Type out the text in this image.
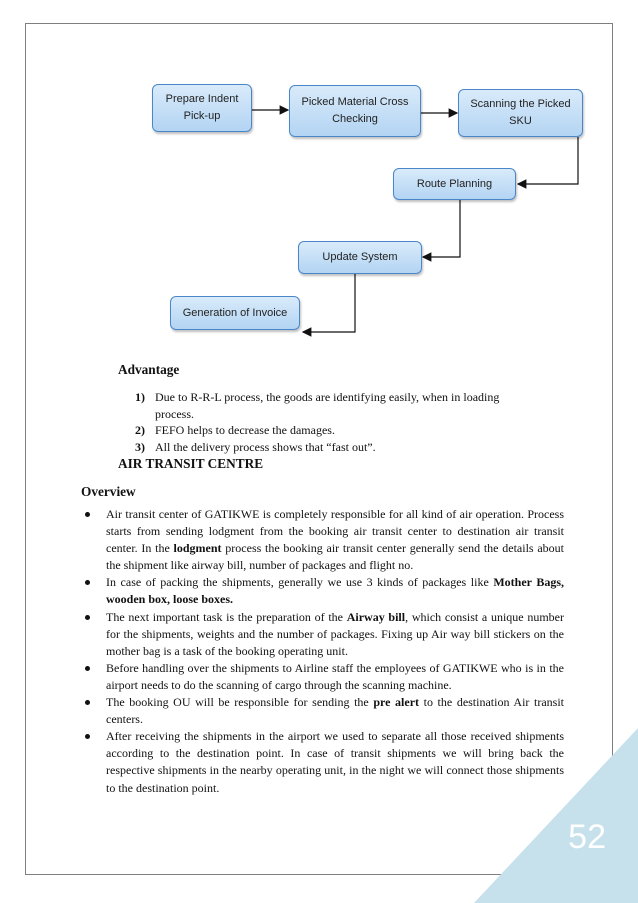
52
Prepare Indent
Pick-up
Picked Material Cross
Checking
Scanning the Picked
SKU
Route Planning
Update System
Generation of Invoice
Advantage
1) Due to R-R-L process, the goods are identifying easily, when in loading process.
2) FEFO helps to decrease the damages.
3) All the delivery process shows that “fast out”.
AIR TRANSIT CENTRE
Overview
Air transit center of GATIKWE is completely responsible for all kind of air operation. Process starts from sending lodgment from the booking air transit center to destination air transit center. In the lodgment process the booking air transit center generally send the details about the shipment like airway bill, number of packages and flight no.
In case of packing the shipments, generally we use 3 kinds of packages like Mother Bags, wooden box, loose boxes.
The next important task is the preparation of the Airway bill, which consist a unique number for the shipments, weights and the number of packages. Fixing up Air way bill stickers on the mother bag is a task of the booking operating unit.
Before handling over the shipments to Airline staff the employees of GATIKWE who is in the airport needs to do the scanning of cargo through the scanning machine.
The booking OU will be responsible for sending the pre alert to the destination Air transit centers.
After receiving the shipments in the airport we used to separate all those received shipments according to the destination point. In case of transit shipments we will bring back the respective shipments in the nearby operating unit, in the night we will connect those shipments to the destination point.
